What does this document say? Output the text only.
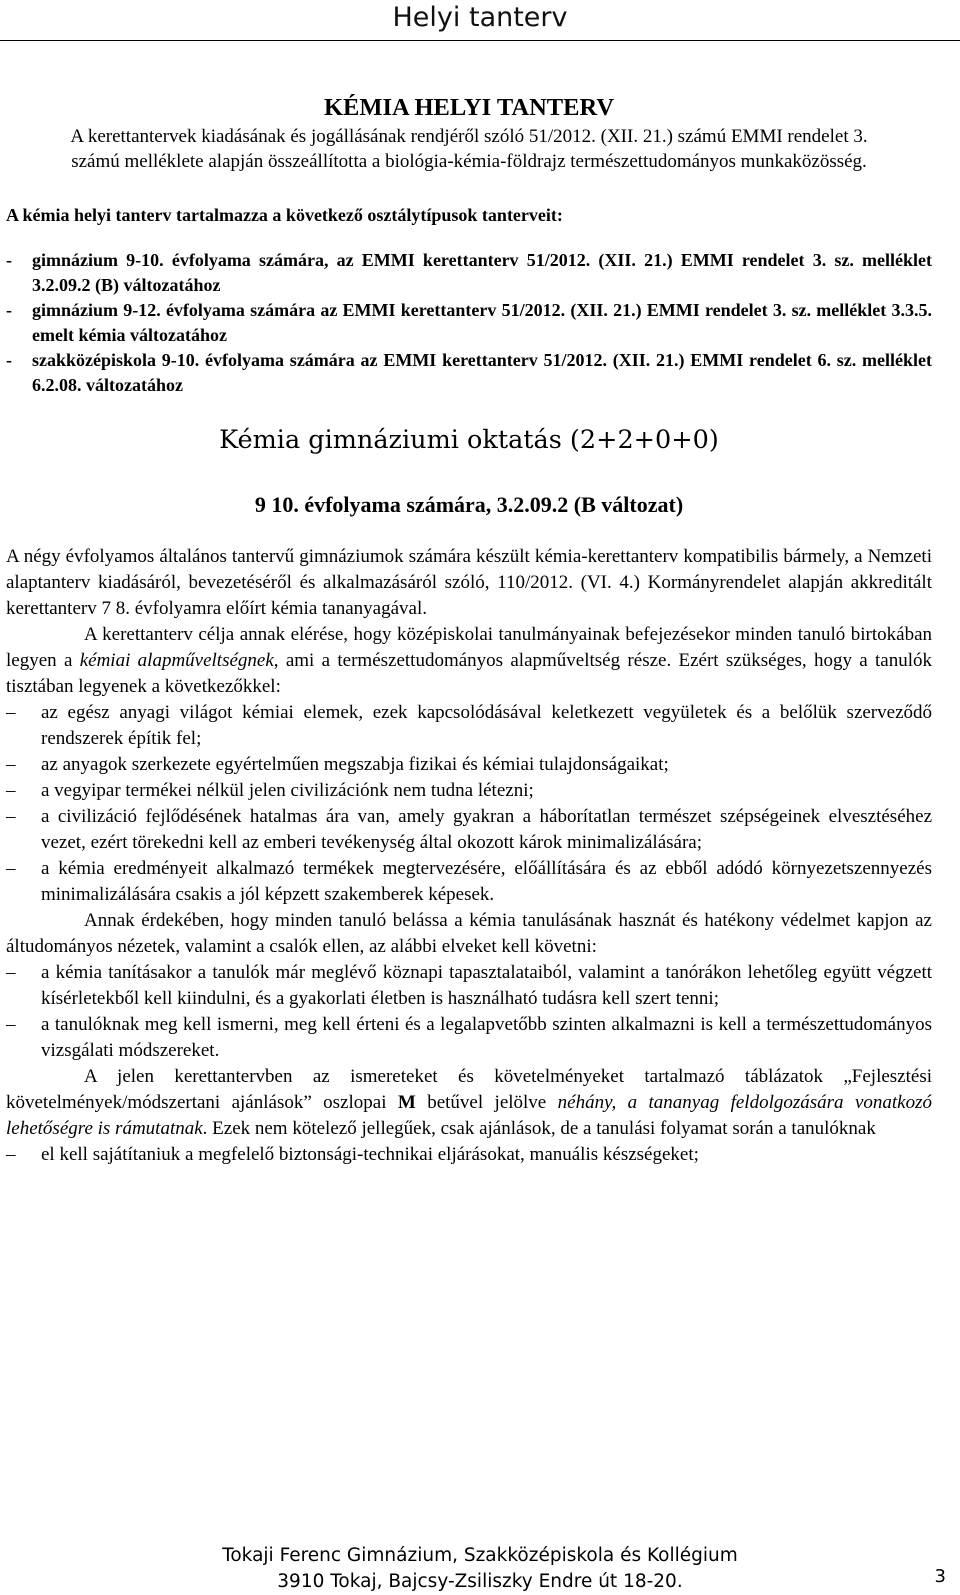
Helyi tanterv

KÉMIA HELYI TANTERV

A kerettantervek kiadásának és jogállásának rendjéről szóló 51/2012. (XII. 21.) számú EMMI rendelet 3. számú melléklete alapján összeállította a biológia-kémia-földrajz természettudományos munkaközösség.

A kémia helyi tanterv tartalmazza a következő osztálytípusok tanterveit:

-	gimnázium 9-10. évfolyama számára, az EMMI kerettanterv 51/2012. (XII. 21.) EMMI rendelet 3. sz. melléklet 3.2.09.2 (B) változatához
-	gimnázium 9-12. évfolyama számára az EMMI kerettanterv 51/2012. (XII. 21.) EMMI rendelet 3. sz. melléklet 3.3.5. emelt kémia változatához
-	szakközépiskola 9-10. évfolyama számára az EMMI kerettanterv 51/2012. (XII. 21.) EMMI rendelet 6. sz. melléklet 6.2.08. változatához

Kémia gimnáziumi oktatás (2+2+0+0)

9 10. évfolyama számára, 3.2.09.2 (B változat)

A négy évfolyamos általános tantervű gimnáziumok számára készült kémia-kerettanterv kompatibilis bármely, a Nemzeti alaptanterv kiadásáról, bevezetéséről és alkalmazásáról szóló, 110/2012. (VI. 4.) Kormányrendelet alapján akkreditált kerettanterv 7 8. évfolyamra előírt kémia tananyagával.

A kerettanterv célja annak elérése, hogy középiskolai tanulmányainak befejezésekor minden tanuló birtokában legyen a kémiai alapműveltségnek, ami a természettudományos alapműveltség része. Ezért szükséges, hogy a tanulók tisztában legyenek a következőkkel:

–	az egész anyagi világot kémiai elemek, ezek kapcsolódásával keletkezett vegyületek és a belőlük szerveződő rendszerek építik fel;
–	az anyagok szerkezete egyértelműen megszabja fizikai és kémiai tulajdonságaikat;
–	a vegyipar termékei nélkül jelen civilizációnk nem tudna létezni;
–	a civilizáció fejlődésének hatalmas ára van, amely gyakran a háborítatlan természet szépségeinek elvesztéséhez vezet, ezért törekedni kell az emberi tevékenység által okozott károk minimalizálására;
–	a kémia eredményeit alkalmazó termékek megtervezésére, előállítására és az ebből adódó környezetszennyezés minimalizálására csakis a jól képzett szakemberek képesek.

Annak érdekében, hogy minden tanuló belássa a kémia tanulásának hasznát és hatékony védelmet kapjon az áltudományos nézetek, valamint a csalók ellen, az alábbi elveket kell követni:

–	a kémia tanításakor a tanulók már meglévő köznapi tapasztalataiból, valamint a tanórákon lehetőleg együtt végzett kísérletekből kell kiindulni, és a gyakorlati életben is használható tudásra kell szert tenni;
–	a tanulóknak meg kell ismerni, meg kell érteni és a legalapvetőbb szinten alkalmazni is kell a természettudományos vizsgálati módszereket.

A jelen kerettantervben az ismereteket és követelményeket tartalmazó táblázatok „Fejlesztési követelmények/módszertani ajánlások” oszlopai M betűvel jelölve néhány, a tananyag feldolgozására vonatkozó lehetőségre is rámutatnak. Ezek nem kötelező jellegűek, csak ajánlások, de a tanulási folyamat során a tanulóknak

–	el kell sajátítaniuk a megfelelő biztonsági-technikai eljárásokat, manuális készségeket;
Tokaji Ferenc Gimnázium, Szakközépiskola és Kollégium
3910 Tokaj, Bajcsy-Zsiliszky Endre út 18-20.	3
